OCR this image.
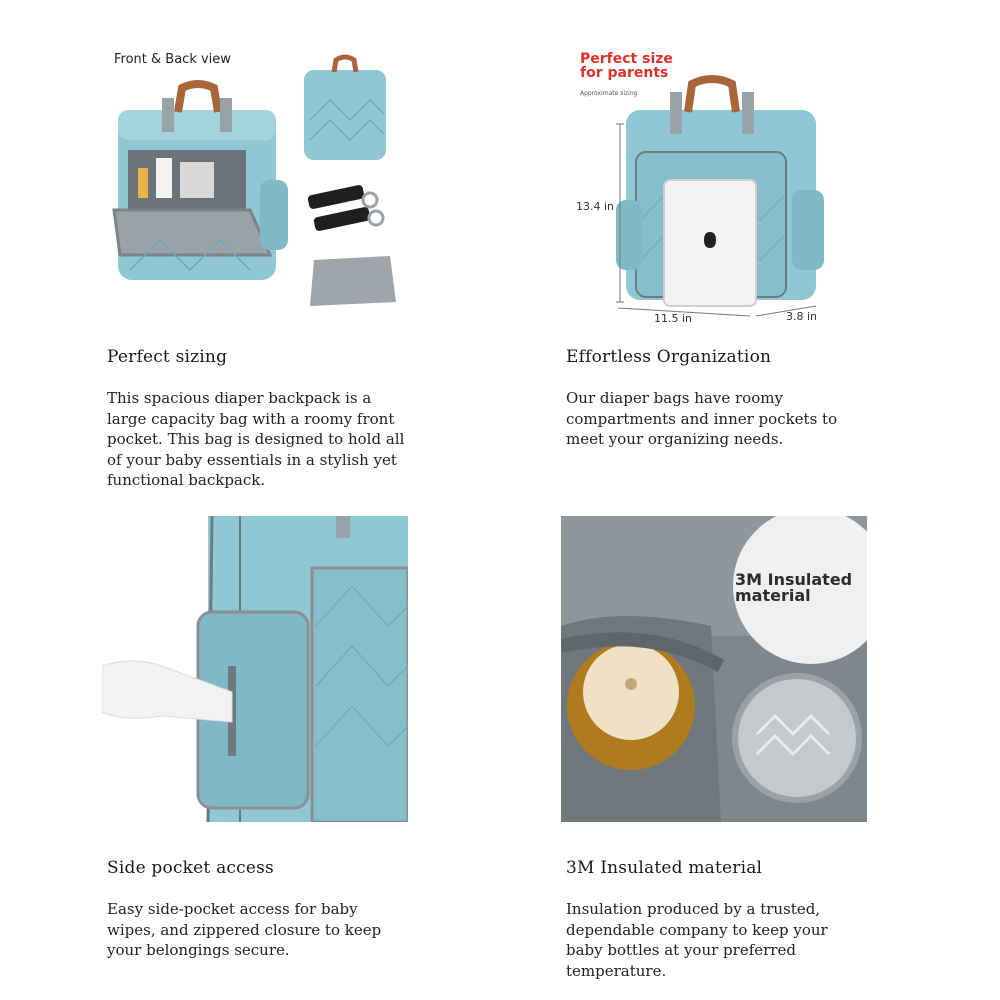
Front & Back view
Perfect sizing
This spacious diaper backpack is a large capacity bag with a roomy front pocket. This bag is designed to hold all of your baby essentials in a stylish yet functional backpack.
Perfect size for parents
Approximate sizing
13.4 in
11.5 in	3.8 in
Effortless Organization
Our diaper bags have roomy compartments and inner pockets to meet your organizing needs.
Side pocket access
Easy side-pocket access for baby wipes, and zippered closure to keep your belongings secure.
3M Insulated material
3M Insulated material
Insulation produced by a trusted, dependable company to keep your baby bottles at your preferred temperature.
